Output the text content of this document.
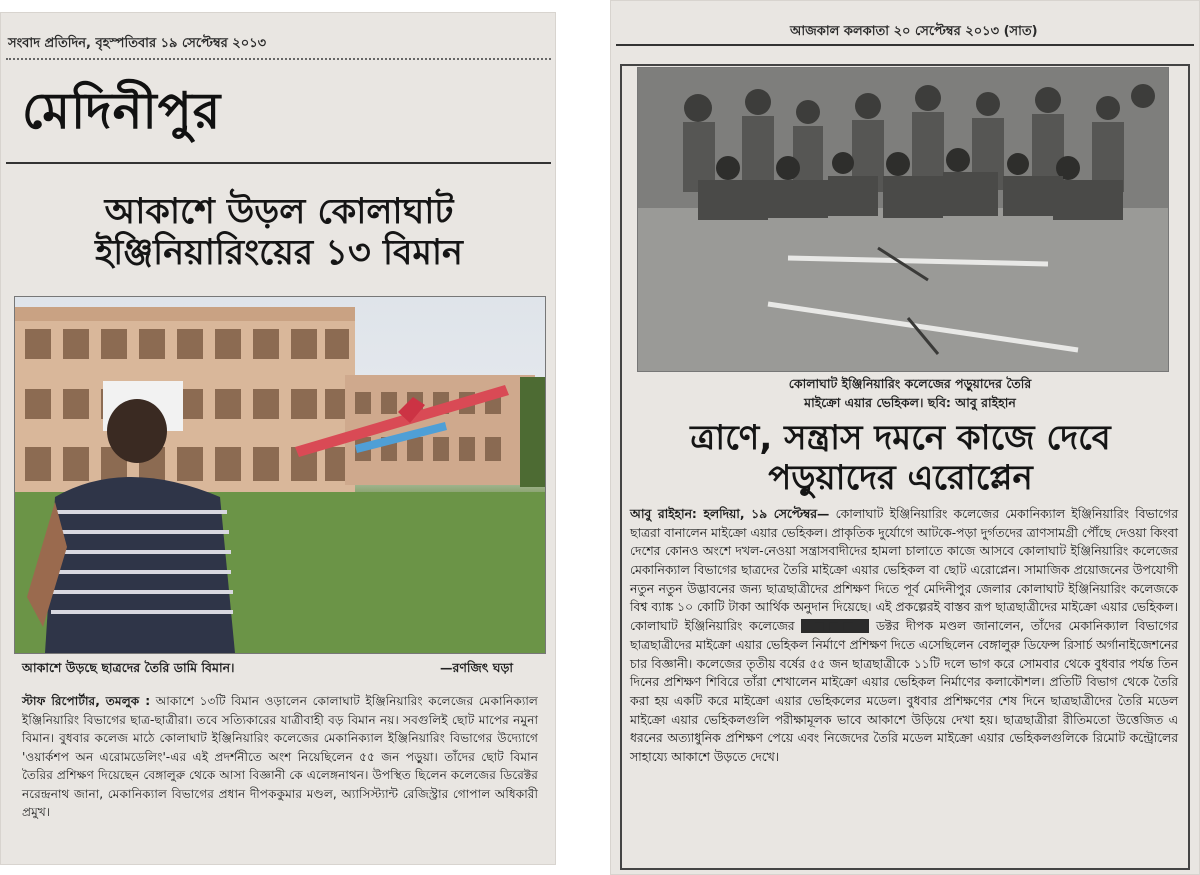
সংবাদ প্রতিদিন, বৃহস্পতিবার ১৯ সেপ্টেম্বর ২০১৩
মেদিনীপুর
আকাশে উড়ল কোলাঘাট ইঞ্জিনিয়ারিংয়ের ১৩ বিমান
আকাশে উড়ছে ছাত্রদের তৈরি ডামি বিমান।	—রণজিৎ ঘড়া
স্টাফ রিপোর্টার, তমলুক : আকাশে ১৩টি বিমান ওড়ালেন কোলাঘাট ইঞ্জিনিয়ারিং কলেজের মেকানিক্যাল ইঞ্জিনিয়ারিং বিভাগের ছাত্র-ছাত্রীরা। তবে সত্যিকারের যাত্রীবাহী বড় বিমান নয়। সবগুলিই ছোট মাপের নমুনা বিমান। বুধবার কলেজ মাঠে কোলাঘাট ইঞ্জিনিয়ারিং কলেজের মেকানিক্যাল ইঞ্জিনিয়ারিং বিভাগের উদ্যোগে 'ওয়ার্কশপ অন এরোমডেলিং'-এর এই প্রদর্শনীতে অংশ নিয়েছিলেন ৫৫ জন পড়ুয়া। তাঁদের ছোট বিমান তৈরির প্রশিক্ষণ দিয়েছেন বেঙ্গালুরু থেকে আসা বিজ্ঞানী কে এলেঙ্গনাথন। উপস্থিত ছিলেন কলেজের ডিরেক্টর নরেন্দ্রনাথ জানা, মেকানিক্যাল বিভাগের প্রধান দীপককুমার মণ্ডল, অ্যাসিস্ট্যান্ট রেজিস্ট্রার গোপাল অধিকারী প্রমুখ।
আজকাল কলকাতা ২০ সেপ্টেম্বর ২০১৩ (সাত)
কোলাঘাট ইঞ্জিনিয়ারিং কলেজের পড়ুয়াদের তৈরি
মাইক্রো এয়ার ভেহিকল। ছবি: আবু রাইহান
ত্রাণে, সন্ত্রাস দমনে কাজে দেবে পড়ুয়াদের এরোপ্লেন
আবু রাইহান: হলদিয়া, ১৯ সেপ্টেম্বর— কোলাঘাট ইঞ্জিনিয়ারিং কলেজের মেকানিক্যাল ইঞ্জিনিয়ারিং বিভাগের ছাত্ররা বানালেন মাইক্রো এয়ার ভেহিকল। প্রাকৃতিক দুর্যোগে আটকে-পড়া দুর্গতদের ত্রাণসামগ্রী পৌঁছে দেওয়া কিংবা দেশের কোনও অংশে দখল-নেওয়া সন্ত্রাসবাদীদের হামলা চালাতে কাজে আসবে কোলাঘাট ইঞ্জিনিয়ারিং কলেজের মেকানিক্যাল বিভাগের ছাত্রদের তৈরি মাইক্রো এয়ার ভেহিকল বা ছোট এরোপ্লেন। সামাজিক প্রয়োজনের উপযোগী নতুন নতুন উদ্ভাবনের জন্য ছাত্রছাত্রীদের প্রশিক্ষণ দিতে পূর্ব মেদিনীপুর জেলার কোলাঘাট ইঞ্জিনিয়ারিং কলেজকে বিশ্ব ব্যাঙ্ক ১০ কোটি টাকা আর্থিক অনুদান দিয়েছে। এই প্রকল্পেরই বাস্তব রূপ ছাত্রছাত্রীদের মাইক্রো এয়ার ভেহিকল। কোলাঘাট ইঞ্জিনিয়ারিং কলেজের ■■■ ডক্টর দীপক মণ্ডল জানালেন, তাঁদের মেকানিক্যাল বিভাগের ছাত্রছাত্রীদের মাইক্রো এয়ার ভেহিকল নির্মাণে প্রশিক্ষণ দিতে এসেছিলেন বেঙ্গালুরু ডিফেন্স রিসার্চ অর্গানাইজেশনের চার বিজ্ঞানী। কলেজের তৃতীয় বর্ষের ৫৫ জন ছাত্রছাত্রীকে ১১টি দলে ভাগ করে সোমবার থেকে বুধবার পর্যন্ত তিন দিনের প্রশিক্ষণ শিবিরে তাঁরা শেখালেন মাইক্রো এয়ার ভেহিকল নির্মাণের কলাকৌশল। প্রতিটি বিভাগ থেকে তৈরি করা হয় একটি করে মাইক্রো এয়ার ভেহিকলের মডেল। বুধবার প্রশিক্ষণের শেষ দিনে ছাত্রছাত্রীদের তৈরি মডেল মাইক্রো এয়ার ভেহিকলগুলি পরীক্ষামূলক ভাবে আকাশে উড়িয়ে দেখা হয়। ছাত্রছাত্রীরা রীতিমতো উত্তেজিত এ ধরনের অত্যাধুনিক প্রশিক্ষণ পেয়ে এবং নিজেদের তৈরি মডেল মাইক্রো এয়ার ভেহিকলগুলিকে রিমোট কন্ট্রোলের সাহায্যে আকাশে উড়তে দেখে।
